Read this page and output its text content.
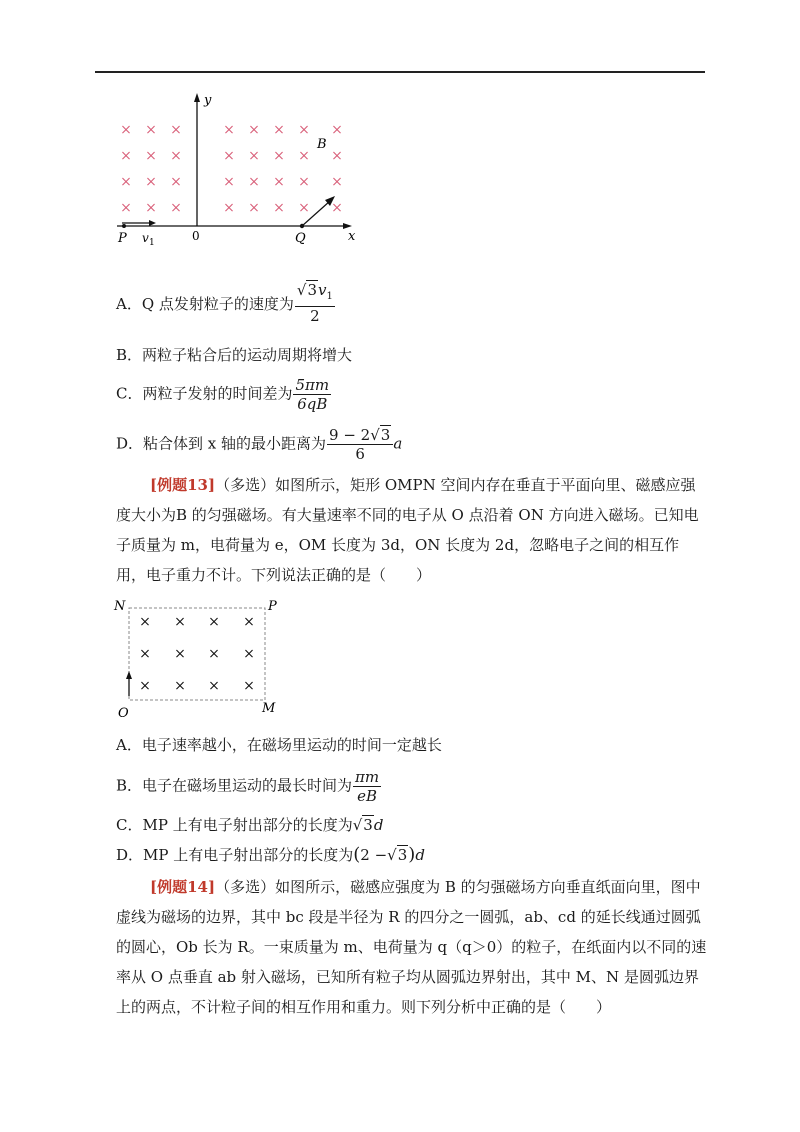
× × ×	× × × × ×
× × ×	× × × × ×
× × ×	× × × × ×
× × ×	× × × × ×
y
x
B
P v 1	0	Q
A．Q 点发射粒子的速度为 $\frac{√3v_1}{2}$
B．两粒子粘合后的运动周期将增大
C．两粒子发射的时间差为 $\frac{5\pi m}{6qB}$
D．粘合体到 x 轴的最小距离为 $\frac{9 - 2√3}{6}$ a
[例题13]（多选）如图所示，矩形 OMPN 空间内存在垂直于平面向里、磁感应强度大小为B 的匀强磁场。有大量速率不同的电子从 O 点沿着 ON 方向进入磁场。已知电子质量为 m，电荷量为 e，OM 长度为 3d，ON 长度为 2d，忽略电子之间的相互作用，电子重力不计。下列说法正确的是（　　）
× × × ×
× × × ×
× × × ×
N	P
O	M
A．电子速率越小，在磁场里运动的时间一定越长
B．电子在磁场里运动的最长时间为 $\frac{\pi m}{eB}$
C．MP 上有电子射出部分的长度为√3d
D．MP 上有电子射出部分的长度为(2 −√3)d
[例题14]（多选）如图所示，磁感应强度为 B 的匀强磁场方向垂直纸面向里，图中虚线为磁场的边界，其中 bc 段是半径为 R 的四分之一圆弧，ab、cd 的延长线通过圆弧的圆心，Ob 长为 R。一束质量为 m、电荷量为 q（q＞0）的粒子，在纸面内以不同的速率从 O 点垂直 ab 射入磁场，已知所有粒子均从圆弧边界射出，其中 M、N 是圆弧边界上的两点，不计粒子间的相互作用和重力。则下列分析中正确的是（　　）
